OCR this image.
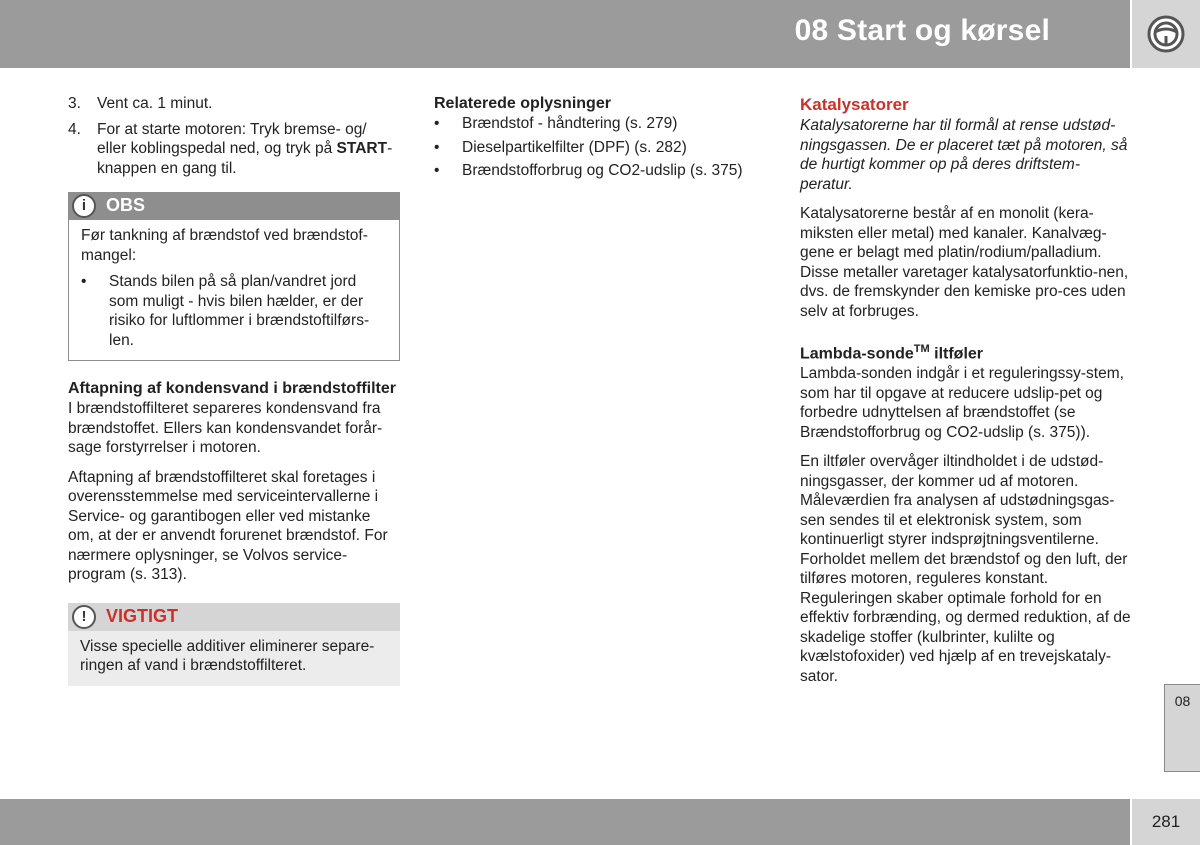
08 Start og kørsel
3.	Vent ca. 1 minut.
4.	For at starte motoren: Tryk bremse- og/ eller koblingspedal ned, og tryk på START-knappen en gang til.
i	OBS

Før tankning af brændstof ved brændstof-mangel:

•	Stands bilen på så plan/vandret jord som muligt - hvis bilen hælder, er der risiko for luftlommer i brændstoftilførs-len.
Aftapning af kondensvand i brændstoffilter

I brændstoffilteret separeres kondensvand fra brændstoffet. Ellers kan kondensvandet forår-sage forstyrrelser i motoren.

Aftapning af brændstoffilteret skal foretages i overensstemmelse med serviceintervallerne i Service- og garantibogen eller ved mistanke om, at der er anvendt forurenet brændstof. For nærmere oplysninger, se Volvos service-program (s. 313).

!	VIGTIGT

Visse specielle additiver eliminerer separe-ringen af vand i brændstoffilteret.

Relaterede oplysninger
•	Brændstof - håndtering (s. 279)
•	Dieselpartikelfilter (DPF) (s. 282)
•	Brændstofforbrug og CO2-udslip (s. 375)
Katalysatorer

Katalysatorerne har til formål at rense udstød-ningsgassen. De er placeret tæt på motoren, så de hurtigt kommer op på deres driftstem-peratur.

Katalysatorerne består af en monolit (kera-miksten eller metal) med kanaler. Kanalvæg-gene er belagt med platin/rodium/palladium. Disse metaller varetager katalysatorfunktio-nen, dvs. de fremskynder den kemiske pro-ces uden selv at forbruges.

Lambda-sonde™ iltføler

Lambda-sonden indgår i et reguleringssy-stem, som har til opgave at reducere udslip-pet og forbedre udnyttelsen af brændstoffet (se Brændstofforbrug og CO2-udslip (s. 375)).

En iltføler overvåger iltindholdet i de udstød-ningsgasser, der kommer ud af motoren. Måleværdien fra analysen af udstødningsgas-sen sendes til et elektronisk system, som kontinuerligt styrer indsprøjtningsventilerne. Forholdet mellem det brændstof og den luft, der tilføres motoren, reguleres konstant. Reguleringen skaber optimale forhold for en effektiv forbrænding, og dermed reduktion, af de skadelige stoffer (kulbrinter, kulilte og kvælstofoxider) ved hjælp af en trevejskataly-sator.

08
281
